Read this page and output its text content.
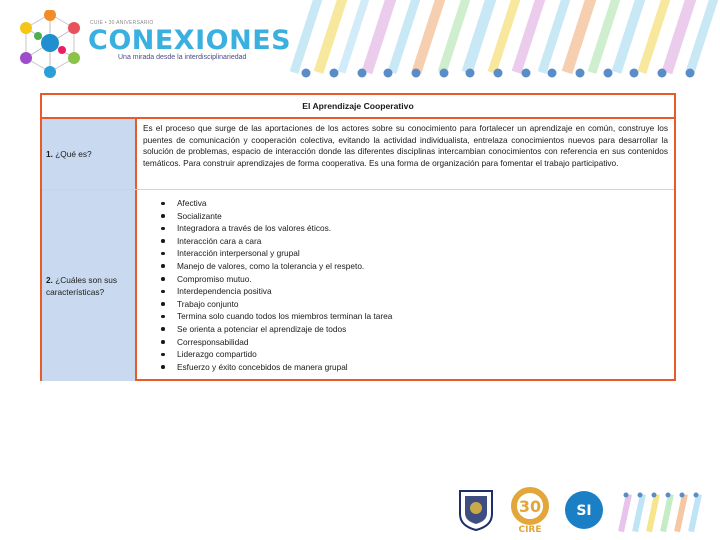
CUIE • 30 ANIVERSARIO
CONEXIONES
Una mirada desde la interdisciplinariedad
El Aprendizaje Cooperativo
1. ¿Qué es?

Es el proceso que surge de las aportaciones de los actores sobre su conocimiento para fortalecer un aprendizaje en común, construye los puentes de comunicación y cooperación colectiva, evitando la actividad individualista, entrelaza conocimientos nuevos para desarrollar la solución de problemas, espacio de interacción donde las diferentes disciplinas intercambian conocimientos con referencia en sus contenidos temáticos. Para construir aprendizajes de forma cooperativa. Es una forma de organización para fomentar el trabajo participativo.

2. ¿Cuáles son sus características?
Afectiva
Socializante
Integradora a través de los valores éticos.
Interacción cara a cara
Interacción interpersonal y grupal
Manejo de valores, como la tolerancia y el respeto.
Compromiso mutuo.
Interdependencia positiva
Trabajo conjunto
Termina solo cuando todos los miembros terminan la tarea
Se orienta a potenciar el aprendizaje de todos
Corresponsabilidad
Liderazgo compartido
Esfuerzo y éxito concebidos de manera grupal
30
CIRE
SI
